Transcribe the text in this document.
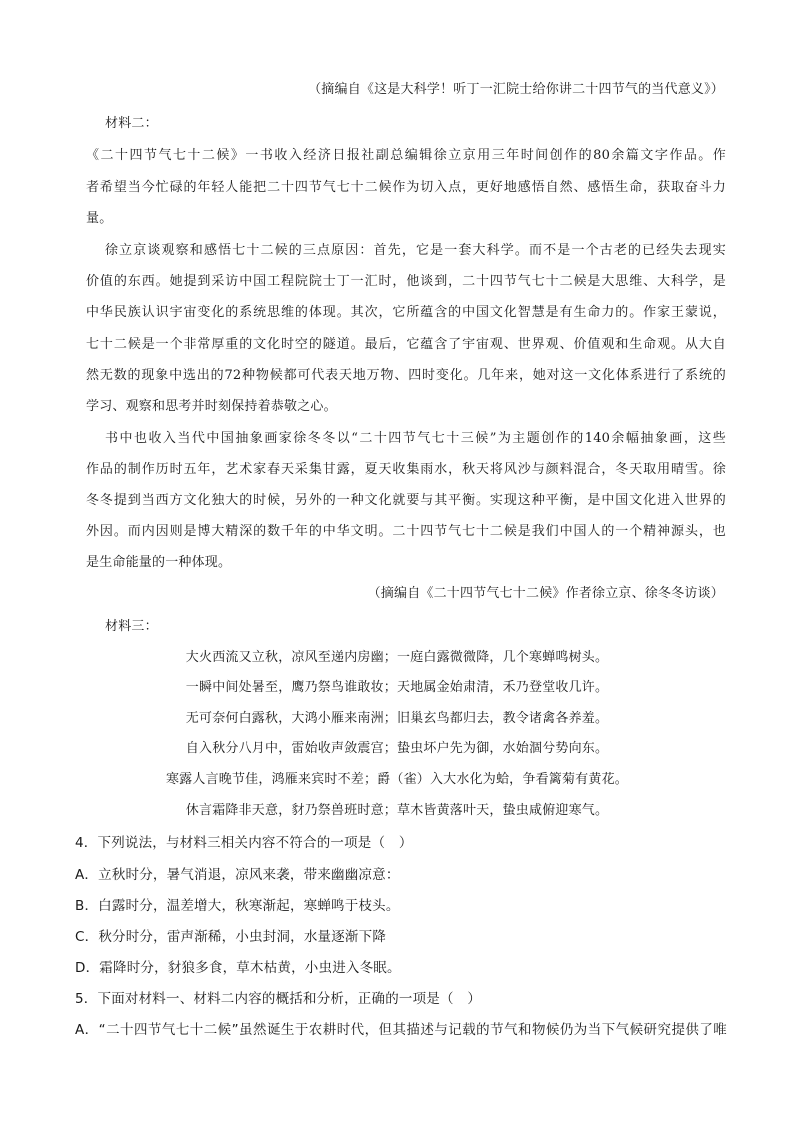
（摘编自《这是大科学！听丁一汇院士给你讲二十四节气的当代意义》）
材料二：
《二十四节气七十二候》一书收入经济日报社副总编辑徐立京用三年时间创作的80余篇文字作品。作
者希望当今忙碌的年轻人能把二十四节气七十二候作为切入点，更好地感悟自然、感悟生命，获取奋斗力
量。
徐立京谈观察和感悟七十二候的三点原因：首先，它是一套大科学。而不是一个古老的已经失去现实
价值的东西。她提到采访中国工程院院士丁一汇时，他谈到，二十四节气七十二候是大思维、大科学，是
中华民族认识宇宙变化的系统思维的体现。其次，它所蕴含的中国文化智慧是有生命力的。作家王蒙说，
七十二候是一个非常厚重的文化时空的隧道。最后，它蕴含了宇宙观、世界观、价值观和生命观。从大自
然无数的现象中选出的72种物候都可代表天地万物、四时变化。几年来，她对这一文化体系进行了系统的
学习、观察和思考并时刻保持着恭敬之心。
书中也收入当代中国抽象画家徐冬冬以“二十四节气七十三候”为主题创作的140余幅抽象画，这些
作品的制作历时五年，艺术家春天采集甘露，夏天收集雨水，秋天将风沙与颜料混合，冬天取用晴雪。徐
冬冬提到当西方文化独大的时候，另外的一种文化就要与其平衡。实现这种平衡，是中国文化进入世界的
外因。而内因则是博大精深的数千年的中华文明。二十四节气七十二候是我们中国人的一个精神源头，也
是生命能量的一种体现。
（摘编自《二十四节气七十二候》作者徐立京、徐冬冬访谈）
材料三：
大火西流又立秋，凉风至递内房幽；一庭白露微微降，几个寒蝉鸣树头。
一瞬中间处暑至，鹰乃祭鸟谁敢妆；天地属金始肃清，禾乃登堂收几许。
无可奈何白露秋，大鸿小雁来南洲；旧巢玄鸟都归去，教令诸禽各养羞。
自入秋分八月中，雷始收声敛震宫；蛰虫坏户先为御，水始涸兮势向东。
寒露人言晚节佳，鸿雁来宾时不差；爵（雀）入大水化为蛤，争看篱菊有黄花。
休言霜降非天意，豺乃祭兽班时意；草木皆黄落叶天，蛰虫咸俯迎寒气。
4．下列说法，与材料三相关内容不符合的一项是（　）
A．立秋时分，暑气消退，凉风来袭，带来幽幽凉意：
B．白露时分，温差增大，秋寒渐起，寒蝉鸣于枝头。
C．秋分时分，雷声渐稀，小虫封洞，水量逐渐下降
D．霜降时分，豺狼多食，草木枯黄，小虫进入冬眠。
5．下面对材料一、材料二内容的概括和分析，正确的一项是（　）
A．“二十四节气七十二候”虽然诞生于农耕时代，但其描述与记载的节气和物候仍为当下气候研究提供了唯
